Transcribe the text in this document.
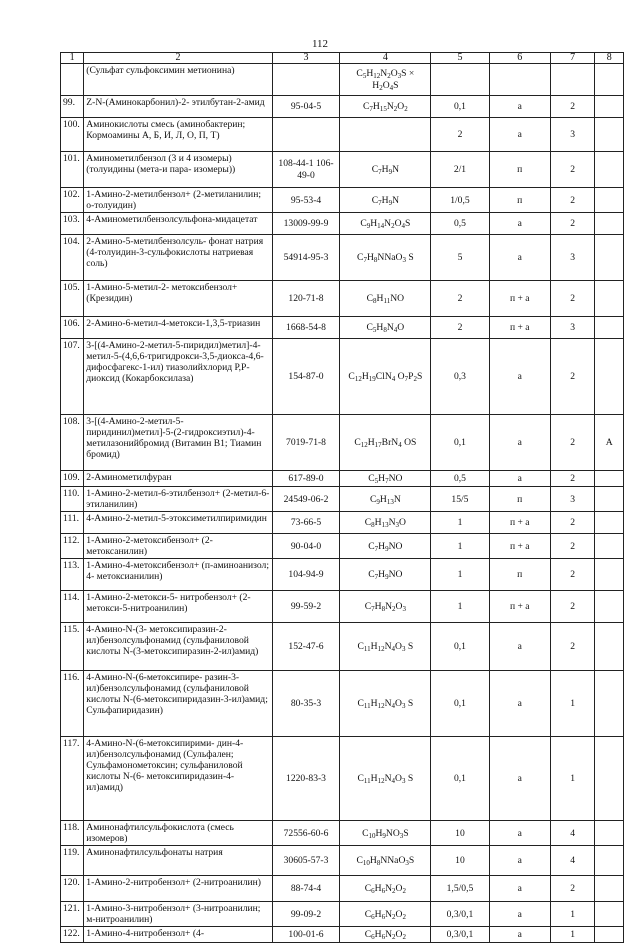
112
1	2	3	4	5	6	7	8
	(Сульфат сульфоксимин метионина)		$C_5H_{12}N_2O_3S \times H_2O_4S$				
99.	Z-N-(Аминокарбонил)-2- этилбутан-2-амид	95-04-5	$C_7H_{15}N_2O_2$	0,1	а	2	
100.	Аминокислоты смесь (аминобактерин; Кормоамины А, Б, И, Л, О, П, Т)			2	а	3	
101.	Аминометилбензол (3 и 4 изомеры) (толуидины (мета-и пара- изомеры))	108-44-1 106-49-0	$C_7H_9N$	2/1	п	2	
102.	1-Амино-2-метилбензол+ (2-метиланилин; о-толуидин)	95-53-4	$C_7H_9N$	1/0,5	п	2	
103.	4-Аминометилбензолсульфона-мидацетат	13009-99-9	$C_9H_{14}N_2O_4S$	0,5	а	2	
104.	2-Амино-5-метилбензолсуль- фонат натрия (4-толуидин-3-сульфокислоты натриевая соль)	54914-95-3	$C_7H_8NNaO_3$ S	5	а	3	
105.	1-Амино-5-метил-2- метоксибензол+ (Крезидин)	120-71-8	$C_8H_{11}NO$	2	п + а	2	
106.	2-Амино-6-метил-4-метокси-1,3,5-триазин	1668-54-8	$C_5H_8N_4O$	2	п + а	3	
107.	3-[(4-Амино-2-метил-5-пиридил)метил]-4-метил-5-(4,6,6-тригидрокси-3,5-диокса-4,6-дифосфагекс-1-ил) тиазолийхлорид Р,Р-диоксид (Кокарбоксилаза)	154-87-0	$C_{12}H_{19}ClN_4$ $O_7P_2S$	0,3	а	2	
108.	3-[(4-Амино-2-метил-5-пиридинил)метил]-5-(2-гидроксиэтил)-4- метилазонийбромид (Витамин В1; Тиамин бромид)	7019-71-8	$C_{12}H_{17}BrN_4$ OS	0,1	а	2	А
109.	2-Аминометилфуран	617-89-0	$C_5H_7NO$	0,5	а	2	
110.	1-Амино-2-метил-6-этилбензол+ (2-метил-6-этиланилин)	24549-06-2	$C_9H_{13}N$	15/5	п	3	
111.	4-Амино-2-метил-5-этоксиметилпиримидин	73-66-5	$C_8H_{13}N_3O$	1	п + а	2	
112.	1-Амино-2-метоксибензол+ (2-метоксанилин)	90-04-0	$C_7H_9NO$	1	п + а	2	
113.	1-Амино-4-метоксибензол+ (п-аминоанизол; 4- метоксианилин)	104-94-9	$C_7H_9NO$	1	п	2	
114.	1-Амино-2-метокси-5- нитробензол+ (2-метокси-5-нитроанилин)	99-59-2	$C_7H_8N_2O_3$	1	п + а	2	
115.	4-Амино-N-(3- метоксипиразин-2-ил)бензолсульфонамид (сульфаниловой кислоты N-(3-метоксипиразин-2-ил)амид)	152-47-6	$C_{11}H_{12}N_4O_3$ S	0,1	а	2	
116.	4-Амино-N-(6-метоксипире- разин-3-ил)бензолсульфонамид (сульфаниловой кислоты N-(6-метоксипиридазин-3-ил)амид; Сульфапиридазин)	80-35-3	$C_{11}H_{12}N_4O_3$ S	0,1	а	1	
117.	4-Амино-N-(6-метоксипирими- дин-4-ил)бензолсульфонамид (Сульфален; Сульфамонометоксин; сульфаниловой кислоты N-(6- метоксипиридазин-4-ил)амид)	1220-83-3	$C_{11}H_{12}N_4O_3$ S	0,1	а	1	
118.	Аминонафтилсульфокислота (смесь изомеров)	72556-60-6	$C_{10}H_9NO_3S$	10	а	4	
119.	Аминонафтилсульфонаты натрия	30605-57-3	$C_{10}H_8NNaO_3S$	10	а	4	
120.	1-Амино-2-нитробензол+ (2-нитроанилин)	88-74-4	$C_6H_6N_2O_2$	1,5/0,5	а	2	
121.	1-Амино-3-нитробензол+ (3-нитроанилин; м-нитроанилин)	99-09-2	$C_6H_6N_2O_2$	0,3/0,1	а	1	
122.	1-Амино-4-нитробензол+ (4-	100-01-6	$C_6H_6N_2O_2$	0,3/0,1	а	1	
